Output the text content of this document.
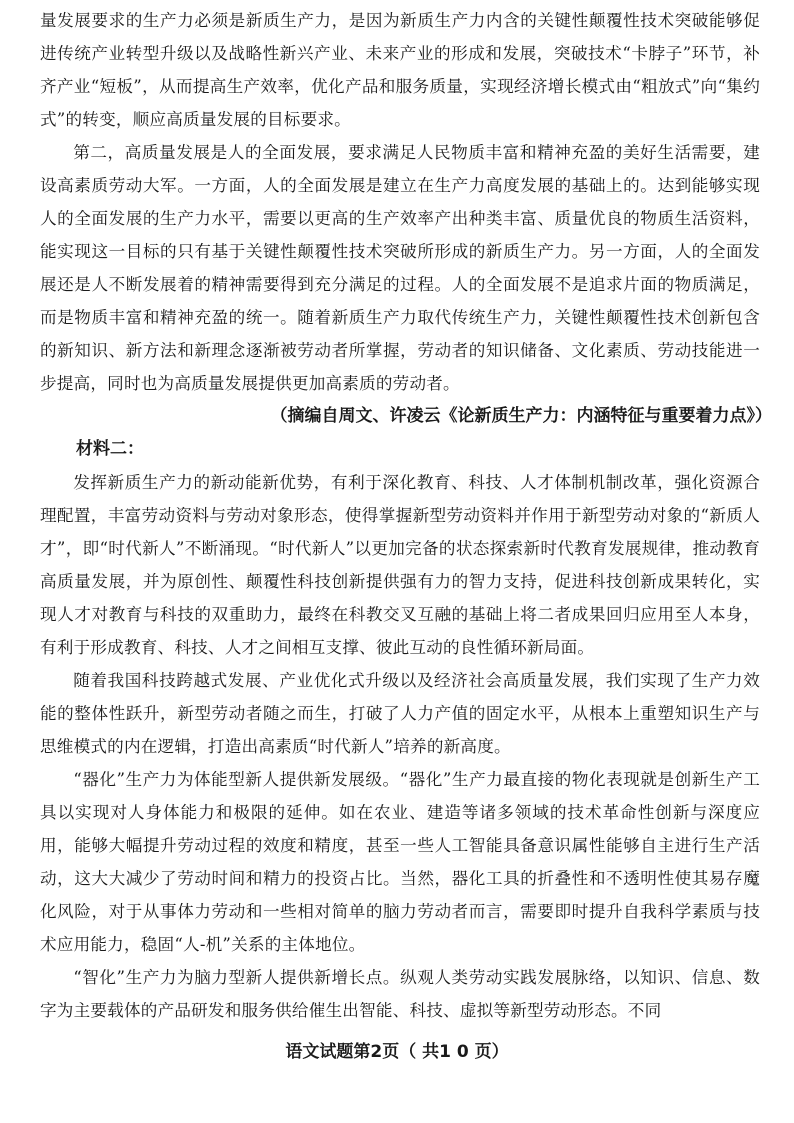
量发展要求的生产力必须是新质生产力，是因为新质生产力内含的关键性颠覆性技术突破能够促进传统产业转型升级以及战略性新兴产业、未来产业的形成和发展，突破技术“卡脖子”环节，补齐产业“短板”，从而提高生产效率，优化产品和服务质量，实现经济增长模式由“粗放式”向“集约式”的转变，顺应高质量发展的目标要求。

第二，高质量发展是人的全面发展，要求满足人民物质丰富和精神充盈的美好生活需要，建设高素质劳动大军。一方面，人的全面发展是建立在生产力高度发展的基础上的。达到能够实现人的全面发展的生产力水平，需要以更高的生产效率产出种类丰富、质量优良的物质生活资料，能实现这一目标的只有基于关键性颠覆性技术突破所形成的新质生产力。另一方面，人的全面发展还是人不断发展着的精神需要得到充分满足的过程。人的全面发展不是追求片面的物质满足，而是物质丰富和精神充盈的统一。随着新质生产力取代传统生产力，关键性颠覆性技术创新包含的新知识、新方法和新理念逐渐被劳动者所掌握，劳动者的知识储备、文化素质、劳动技能进一步提高，同时也为高质量发展提供更加高素质的劳动者。

（摘编自周文、许凌云《论新质生产力：内涵特征与重要着力点》）
材料二：

发挥新质生产力的新动能新优势，有利于深化教育、科技、人才体制机制改革，强化资源合理配置，丰富劳动资料与劳动对象形态，使得掌握新型劳动资料并作用于新型劳动对象的“新质人才”，即“时代新人”不断涌现。“时代新人”以更加完备的状态探索新时代教育发展规律，推动教育高质量发展，并为原创性、颠覆性科技创新提供强有力的智力支持，促进科技创新成果转化，实现人才对教育与科技的双重助力，最终在科教交叉互融的基础上将二者成果回归应用至人本身，有利于形成教育、科技、人才之间相互支撑、彼此互动的良性循环新局面。

随着我国科技跨越式发展、产业优化式升级以及经济社会高质量发展，我们实现了生产力效能的整体性跃升，新型劳动者随之而生，打破了人力产值的固定水平，从根本上重塑知识生产与思维模式的内在逻辑，打造出高素质“时代新人”培养的新高度。

“器化”生产力为体能型新人提供新发展级。“器化”生产力最直接的物化表现就是创新生产工具以实现对人身体能力和极限的延伸。如在农业、建造等诸多领域的技术革命性创新与深度应用，能够大幅提升劳动过程的效度和精度，甚至一些人工智能具备意识属性能够自主进行生产活动，这大大减少了劳动时间和精力的投资占比。当然，器化工具的折叠性和不透明性使其易存魔化风险，对于从事体力劳动和一些相对简单的脑力劳动者而言，需要即时提升自我科学素质与技术应用能力，稳固“人-机”关系的主体地位。

“智化”生产力为脑力型新人提供新增长点。纵观人类劳动实践发展脉络，以知识、信息、数字为主要载体的产品研发和服务供给催生出智能、科技、虚拟等新型劳动形态。不同

语文试题第2页（ 共1 0 页）
